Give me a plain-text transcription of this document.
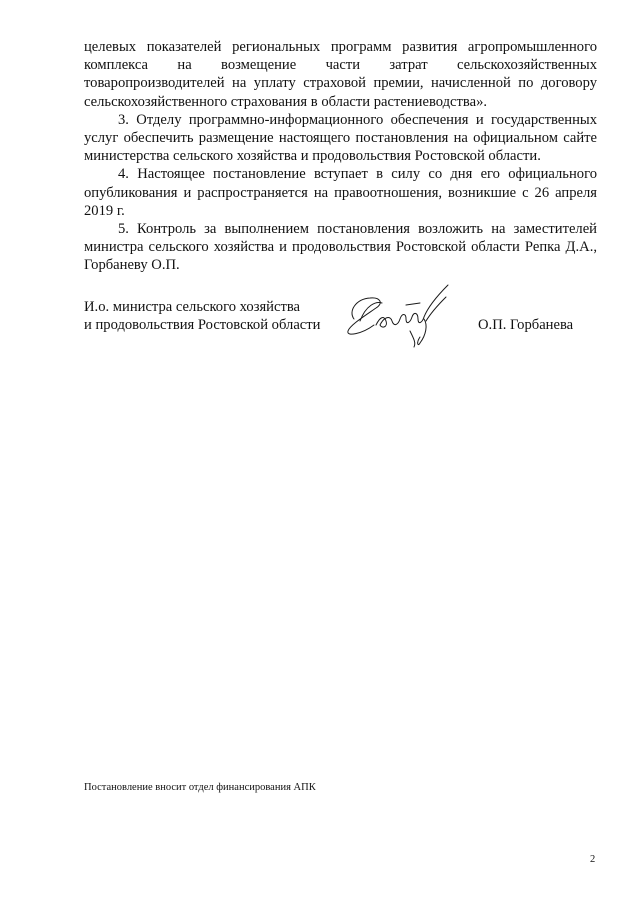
целевых показателей региональных программ развития агропромышленного комплекса на возмещение части затрат сельскохозяйственных товаропроизводителей на уплату страховой премии, начисленной по договору сельскохозяйственного страхования в области растениеводства».

3. Отделу программно-информационного обеспечения и государственных услуг обеспечить размещение настоящего постановления на официальном сайте министерства сельского хозяйства и продовольствия Ростовской области.

4. Настоящее постановление вступает в силу со дня его официального опубликования и распространяется на правоотношения, возникшие с 26 апреля 2019 г.

5. Контроль за выполнением постановления возложить на заместителей министра сельского хозяйства и продовольствия Ростовской области Репка Д.А., Горбаневу О.П.

И.о. министра сельского хозяйства
и продовольствия Ростовской области	О.П. Горбанева
Постановление вносит отдел финансирования АПК
2
